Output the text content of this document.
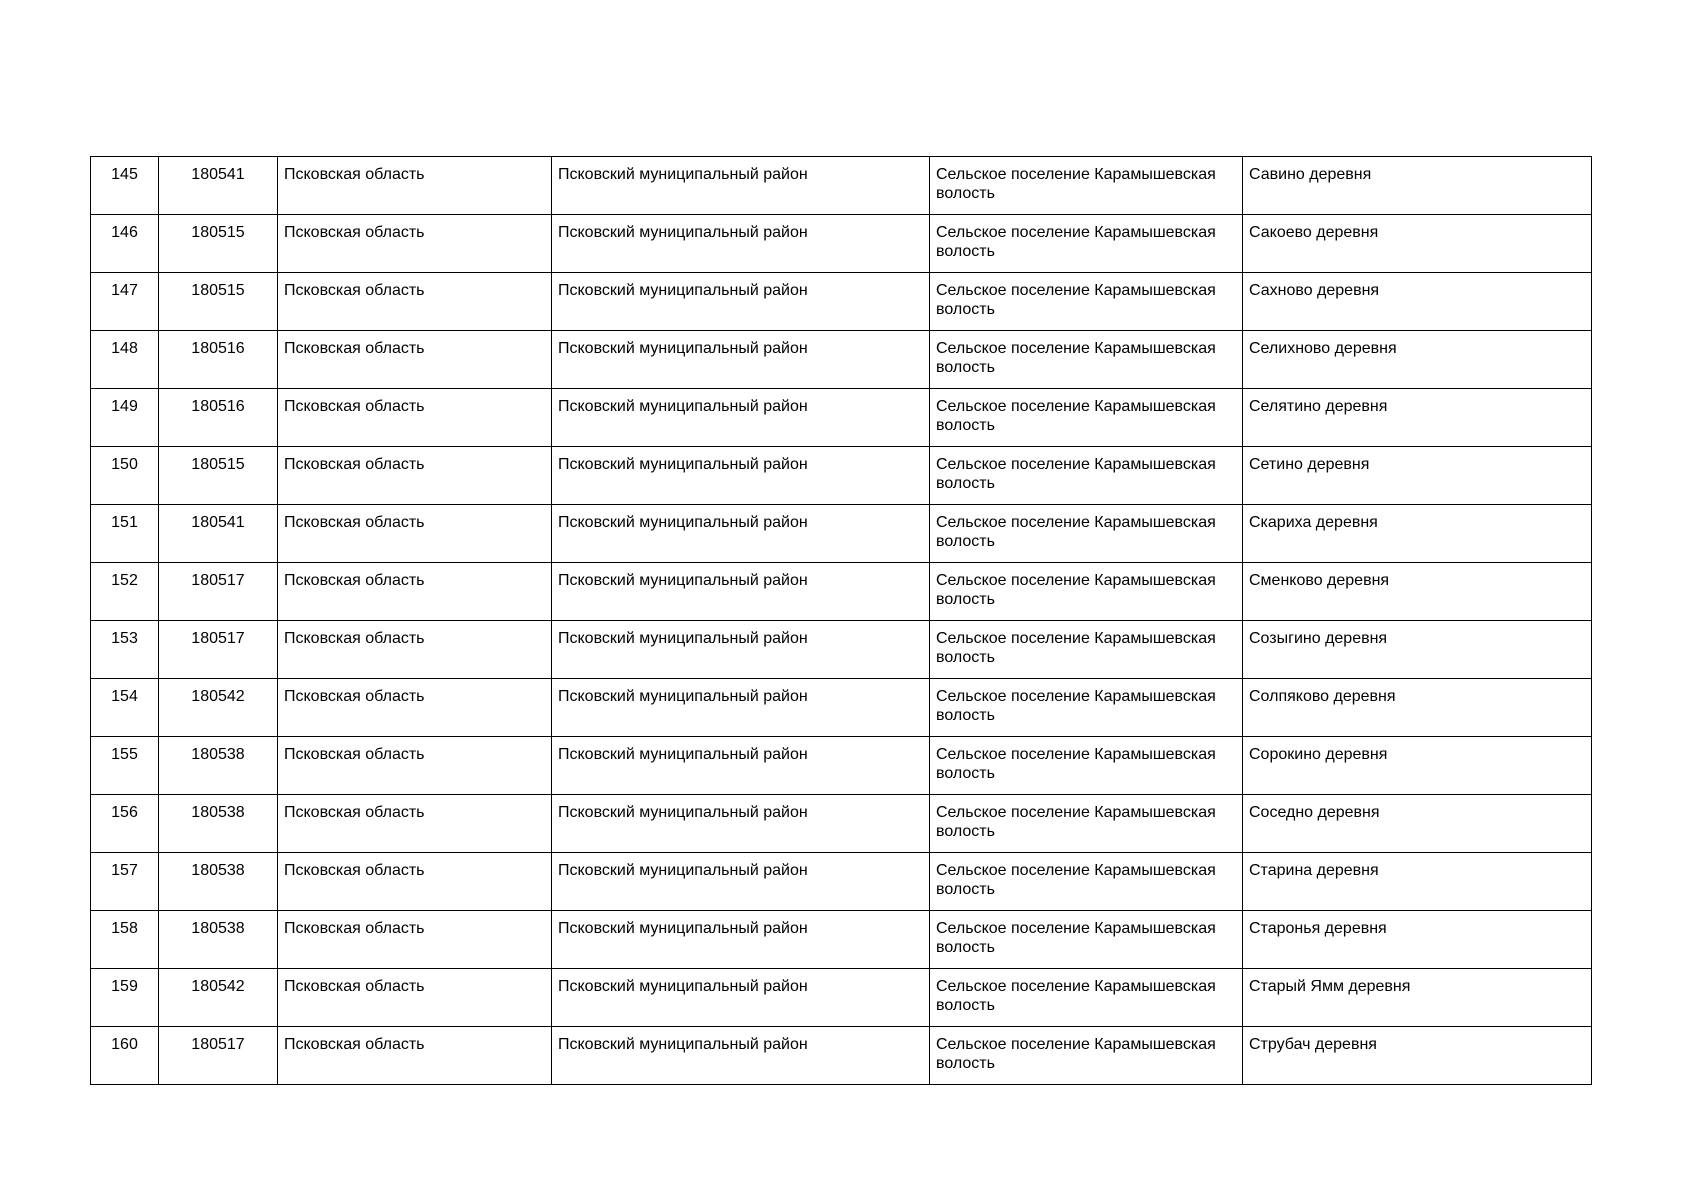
145	180541	Псковская область	Псковский муниципальный район	Сельское поселение Карамышевская волость	Савино деревня
146	180515	Псковская область	Псковский муниципальный район	Сельское поселение Карамышевская волость	Сакоево деревня
147	180515	Псковская область	Псковский муниципальный район	Сельское поселение Карамышевская волость	Сахново деревня
148	180516	Псковская область	Псковский муниципальный район	Сельское поселение Карамышевская волость	Селихново деревня
149	180516	Псковская область	Псковский муниципальный район	Сельское поселение Карамышевская волость	Селятино деревня
150	180515	Псковская область	Псковский муниципальный район	Сельское поселение Карамышевская волость	Сетино деревня
151	180541	Псковская область	Псковский муниципальный район	Сельское поселение Карамышевская волость	Скариха деревня
152	180517	Псковская область	Псковский муниципальный район	Сельское поселение Карамышевская волость	Сменково деревня
153	180517	Псковская область	Псковский муниципальный район	Сельское поселение Карамышевская волость	Созыгино деревня
154	180542	Псковская область	Псковский муниципальный район	Сельское поселение Карамышевская волость	Солпяково деревня
155	180538	Псковская область	Псковский муниципальный район	Сельское поселение Карамышевская волость	Сорокино деревня
156	180538	Псковская область	Псковский муниципальный район	Сельское поселение Карамышевская волость	Соседно деревня
157	180538	Псковская область	Псковский муниципальный район	Сельское поселение Карамышевская волость	Старина деревня
158	180538	Псковская область	Псковский муниципальный район	Сельское поселение Карамышевская волость	Старонья деревня
159	180542	Псковская область	Псковский муниципальный район	Сельское поселение Карамышевская волость	Старый Ямм деревня
160	180517	Псковская область	Псковский муниципальный район	Сельское поселение Карамышевская волость	Струбач деревня
